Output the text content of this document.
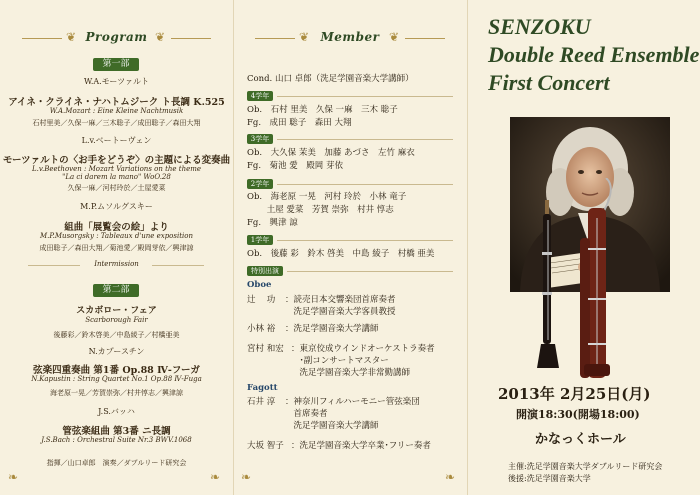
❦ Program ❦
第一部
W.A.モーツァルト
アイネ・クライネ・ナハトムジーク ト長調 K.525
W.A.Mozart : Eine Kleine Nachtmusik
石村里美／久保一麻／三木聡子／成田聡子／森田大翔
L.v.ベートーヴェン
モーツァルトの〈お手をどうぞ〉の主題による変奏曲
L.v.Beethoven : Mozart Variations on the theme
"La ci darem la mano" WoO.28
久保一麻／河村玲於／土屋愛菜
M.P.ムソルグスキー
組曲「展覧会の絵」より
M.P.Musorgsky : Tableaux d'une exposition
成田聡子／森田大翔／菊池愛／殿岡芽依／興津諒
Intermission
第二部
スカボロー・フェア
Scarborough Fair
後藤彩／鈴木啓美／中島綾子／村橋亜美
N.カプースチン
弦楽四重奏曲 第1番 Op.88 Ⅳ-フーガ
N.Kapustin : String Quartet No.1 Op.88 Ⅳ-Fuga
海老原一晃／芳賀崇弥／村井惇志／興津諒
J.S.バッハ
管弦楽組曲 第3番 ニ長調
J.S.Bach : Orchestral Suite Nr.3 BWV.1068
指揮／山口卓郎　演奏／ダブルリード研究会
❧	❧
❦ Member ❦
Cond. 山口 卓郎（洗足学園音楽大学講師）
4学年
Ob.　石村 里美　久保 一麻　三木 聡子
Fg.　成田 聡子　森田 大翔
3学年
Ob.　大久保 茉美　加藤 あづさ　左竹 麻衣
Fg.　菊池 愛　殿岡 芽依
2学年
Ob.　海老原 一晃　河村 玲於　小林 竜子
　　 土屋 愛菜　芳賀 崇弥　村井 惇志
Fg.　興津 諒
1学年
Ob.　後藤 彩　鈴木 啓美　中島 綾子　村橋 亜美
特別出演
Oboe
辻　 功 ：読売日本交響楽団首席奏者
　洗足学園音楽大学客員教授
小林 裕 ：洗足学園音楽大学講師
宮村 和宏 ：東京佼成ウインドオーケストラ奏者
　･副コンサートマスター
　洗足学園音楽大学非常勤講師
Fagott
石井 淳 ：神奈川フィルハーモニー管弦楽団
　首席奏者
　洗足学園音楽大学講師
大坂 智子 ：洗足学園音楽大学卒業･フリー奏者
❧	❧
SENZOKU
Double Reed Ensemble
First Concert
2013年 2月25日(月)
開演18:30(開場18:00)
かなっくホール
主催:洗足学園音楽大学ダブルリード研究会
後援:洗足学園音楽大学
